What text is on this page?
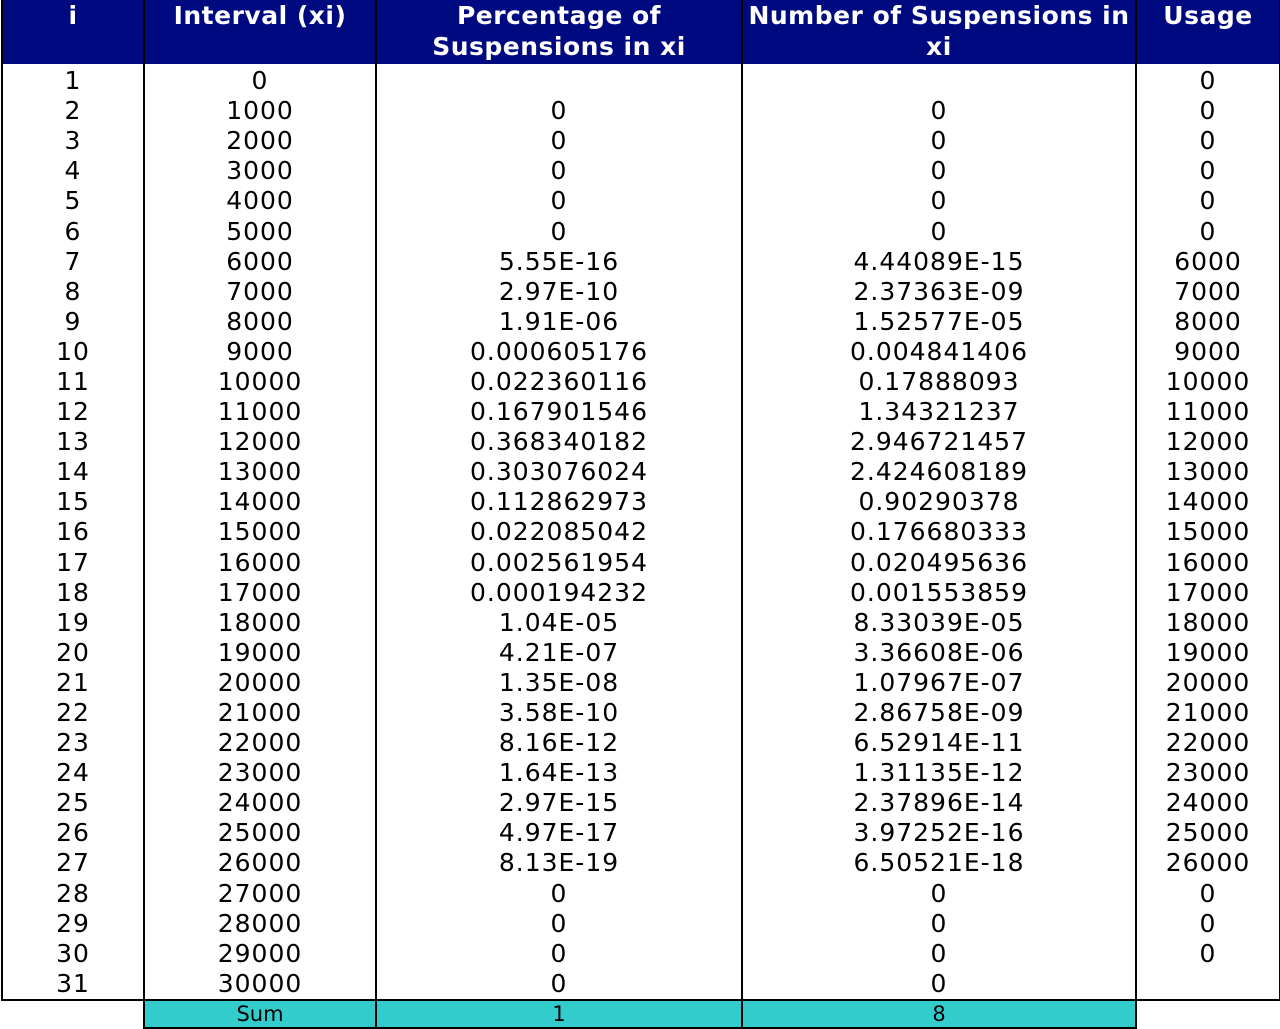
i	Interval (xi)	Percentage of Suspensions in xi	Number of Suspensions in xi	Usage
1	0			0
2	1000	0	0	0
3	2000	0	0	0
4	3000	0	0	0
5	4000	0	0	0
6	5000	0	0	0
7	6000	5.55E-16	4.44089E-15	6000
8	7000	2.97E-10	2.37363E-09	7000
9	8000	1.91E-06	1.52577E-05	8000
10	9000	0.000605176	0.004841406	9000
11	10000	0.022360116	0.17888093	10000
12	11000	0.167901546	1.34321237	11000
13	12000	0.368340182	2.946721457	12000
14	13000	0.303076024	2.424608189	13000
15	14000	0.112862973	0.90290378	14000
16	15000	0.022085042	0.176680333	15000
17	16000	0.002561954	0.020495636	16000
18	17000	0.000194232	0.001553859	17000
19	18000	1.04E-05	8.33039E-05	18000
20	19000	4.21E-07	3.36608E-06	19000
21	20000	1.35E-08	1.07967E-07	20000
22	21000	3.58E-10	2.86758E-09	21000
23	22000	8.16E-12	6.52914E-11	22000
24	23000	1.64E-13	1.31135E-12	23000
25	24000	2.97E-15	2.37896E-14	24000
26	25000	4.97E-17	3.97252E-16	25000
27	26000	8.13E-19	6.50521E-18	26000
28	27000	0	0	0
29	28000	0	0	0
30	29000	0	0	0
31	30000	0	0	
	Sum	1	8	
